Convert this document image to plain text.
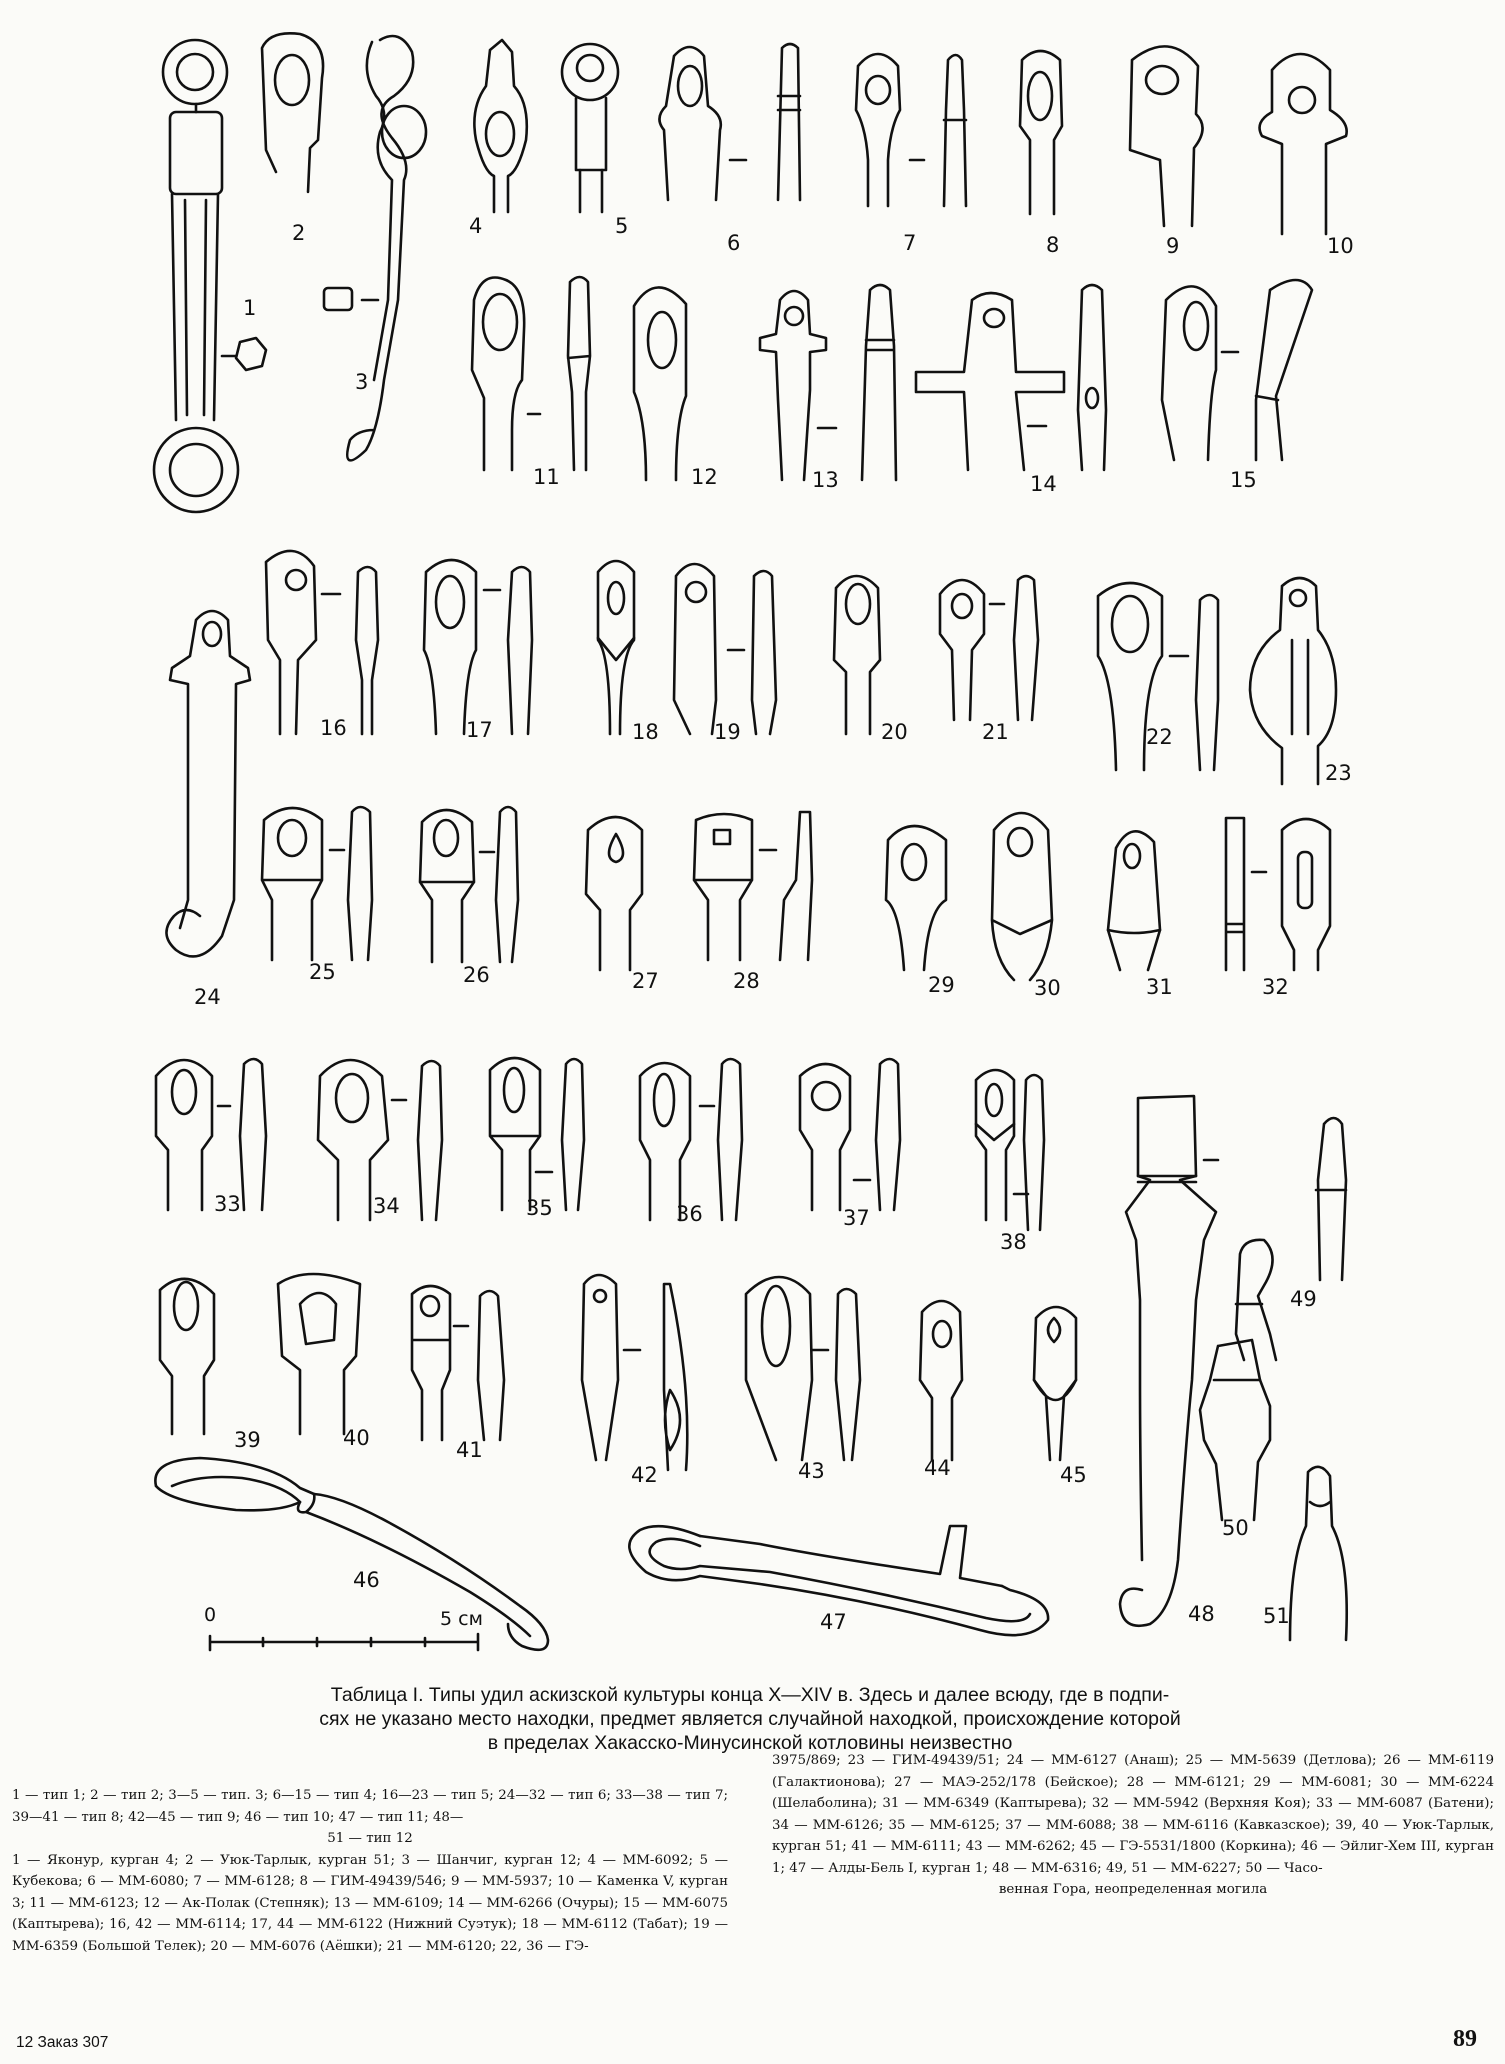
0	5 см
1
2
3
4	5
6	7	8	9	10
11	12	13	14	15
16	17	18	19	20	21	22
23
24
25	26	27	28	29	30	31	32
33	34	35	36	37
38
39	40	41
42	43	44	45
46
47	48
49
50
51
Таблица I. Типы удил аскизской культуры конца X—XIV в. Здесь и далее всюду, где в подпи-
сях не указано место находки, предмет является случайной находкой, происхождение которой
в пределах Хакасско-Минусинской котловины неизвестно

1 — тип 1; 2 — тип 2; 3—5 — тип. 3; 6—15 — тип 4; 16—23 — тип 5; 24—32 — тип 6; 33—38 — тип 7; 39—41 — тип 8; 42—45 — тип 9; 46 — тип 10; 47 — тип 11; 48—

51 — тип 12

1 — Яконур, курган 4; 2 — Уюк-Тарлык, курган 51; 3 — Шанчиг, курган 12; 4 — ММ-6092; 5 — Кубекова; 6 — ММ-6080; 7 — ММ-6128; 8 — ГИМ-49439/546; 9 — ММ-5937; 10 — Каменка V, курган 3; 11 — ММ-6123; 12 — Ак-Полак (Степняк); 13 — ММ-6109; 14 — ММ-6266 (Очуры); 15 — ММ-6075 (Каптырева); 16, 42 — ММ-6114; 17, 44 — ММ-6122 (Нижний Суэтук); 18 — ММ-6112 (Табат); 19 — ММ-6359 (Большой Телек); 20 — ММ-6076 (Аёшки); 21 — ММ-6120; 22, 36 — ГЭ-

3975/869; 23 — ГИМ-49439/51; 24 — ММ-6127 (Анаш); 25 — ММ-5639 (Детлова); 26 — ММ-6119 (Галактионова); 27 — МАЭ-252/178 (Бейское); 28 — ММ-6121; 29 — ММ-6081; 30 — ММ-6224 (Шелаболина); 31 — ММ-6349 (Каптырева); 32 — ММ-5942 (Верхняя Коя); 33 — ММ-6087 (Батени); 34 — ММ-6126; 35 — ММ-6125; 37 — ММ-6088; 38 — ММ-6116 (Кавказское); 39, 40 — Уюк-Тарлык, курган 51; 41 — ММ-6111; 43 — ММ-6262; 45 — ГЭ-5531/1800 (Коркина); 46 — Эйлиг-Хем III, курган 1; 47 — Алды-Бель I, курган 1; 48 — ММ-6316; 49, 51 — ММ-6227; 50 — Часо-

венная Гора, неопределенная могила

12 Заказ 307	89
